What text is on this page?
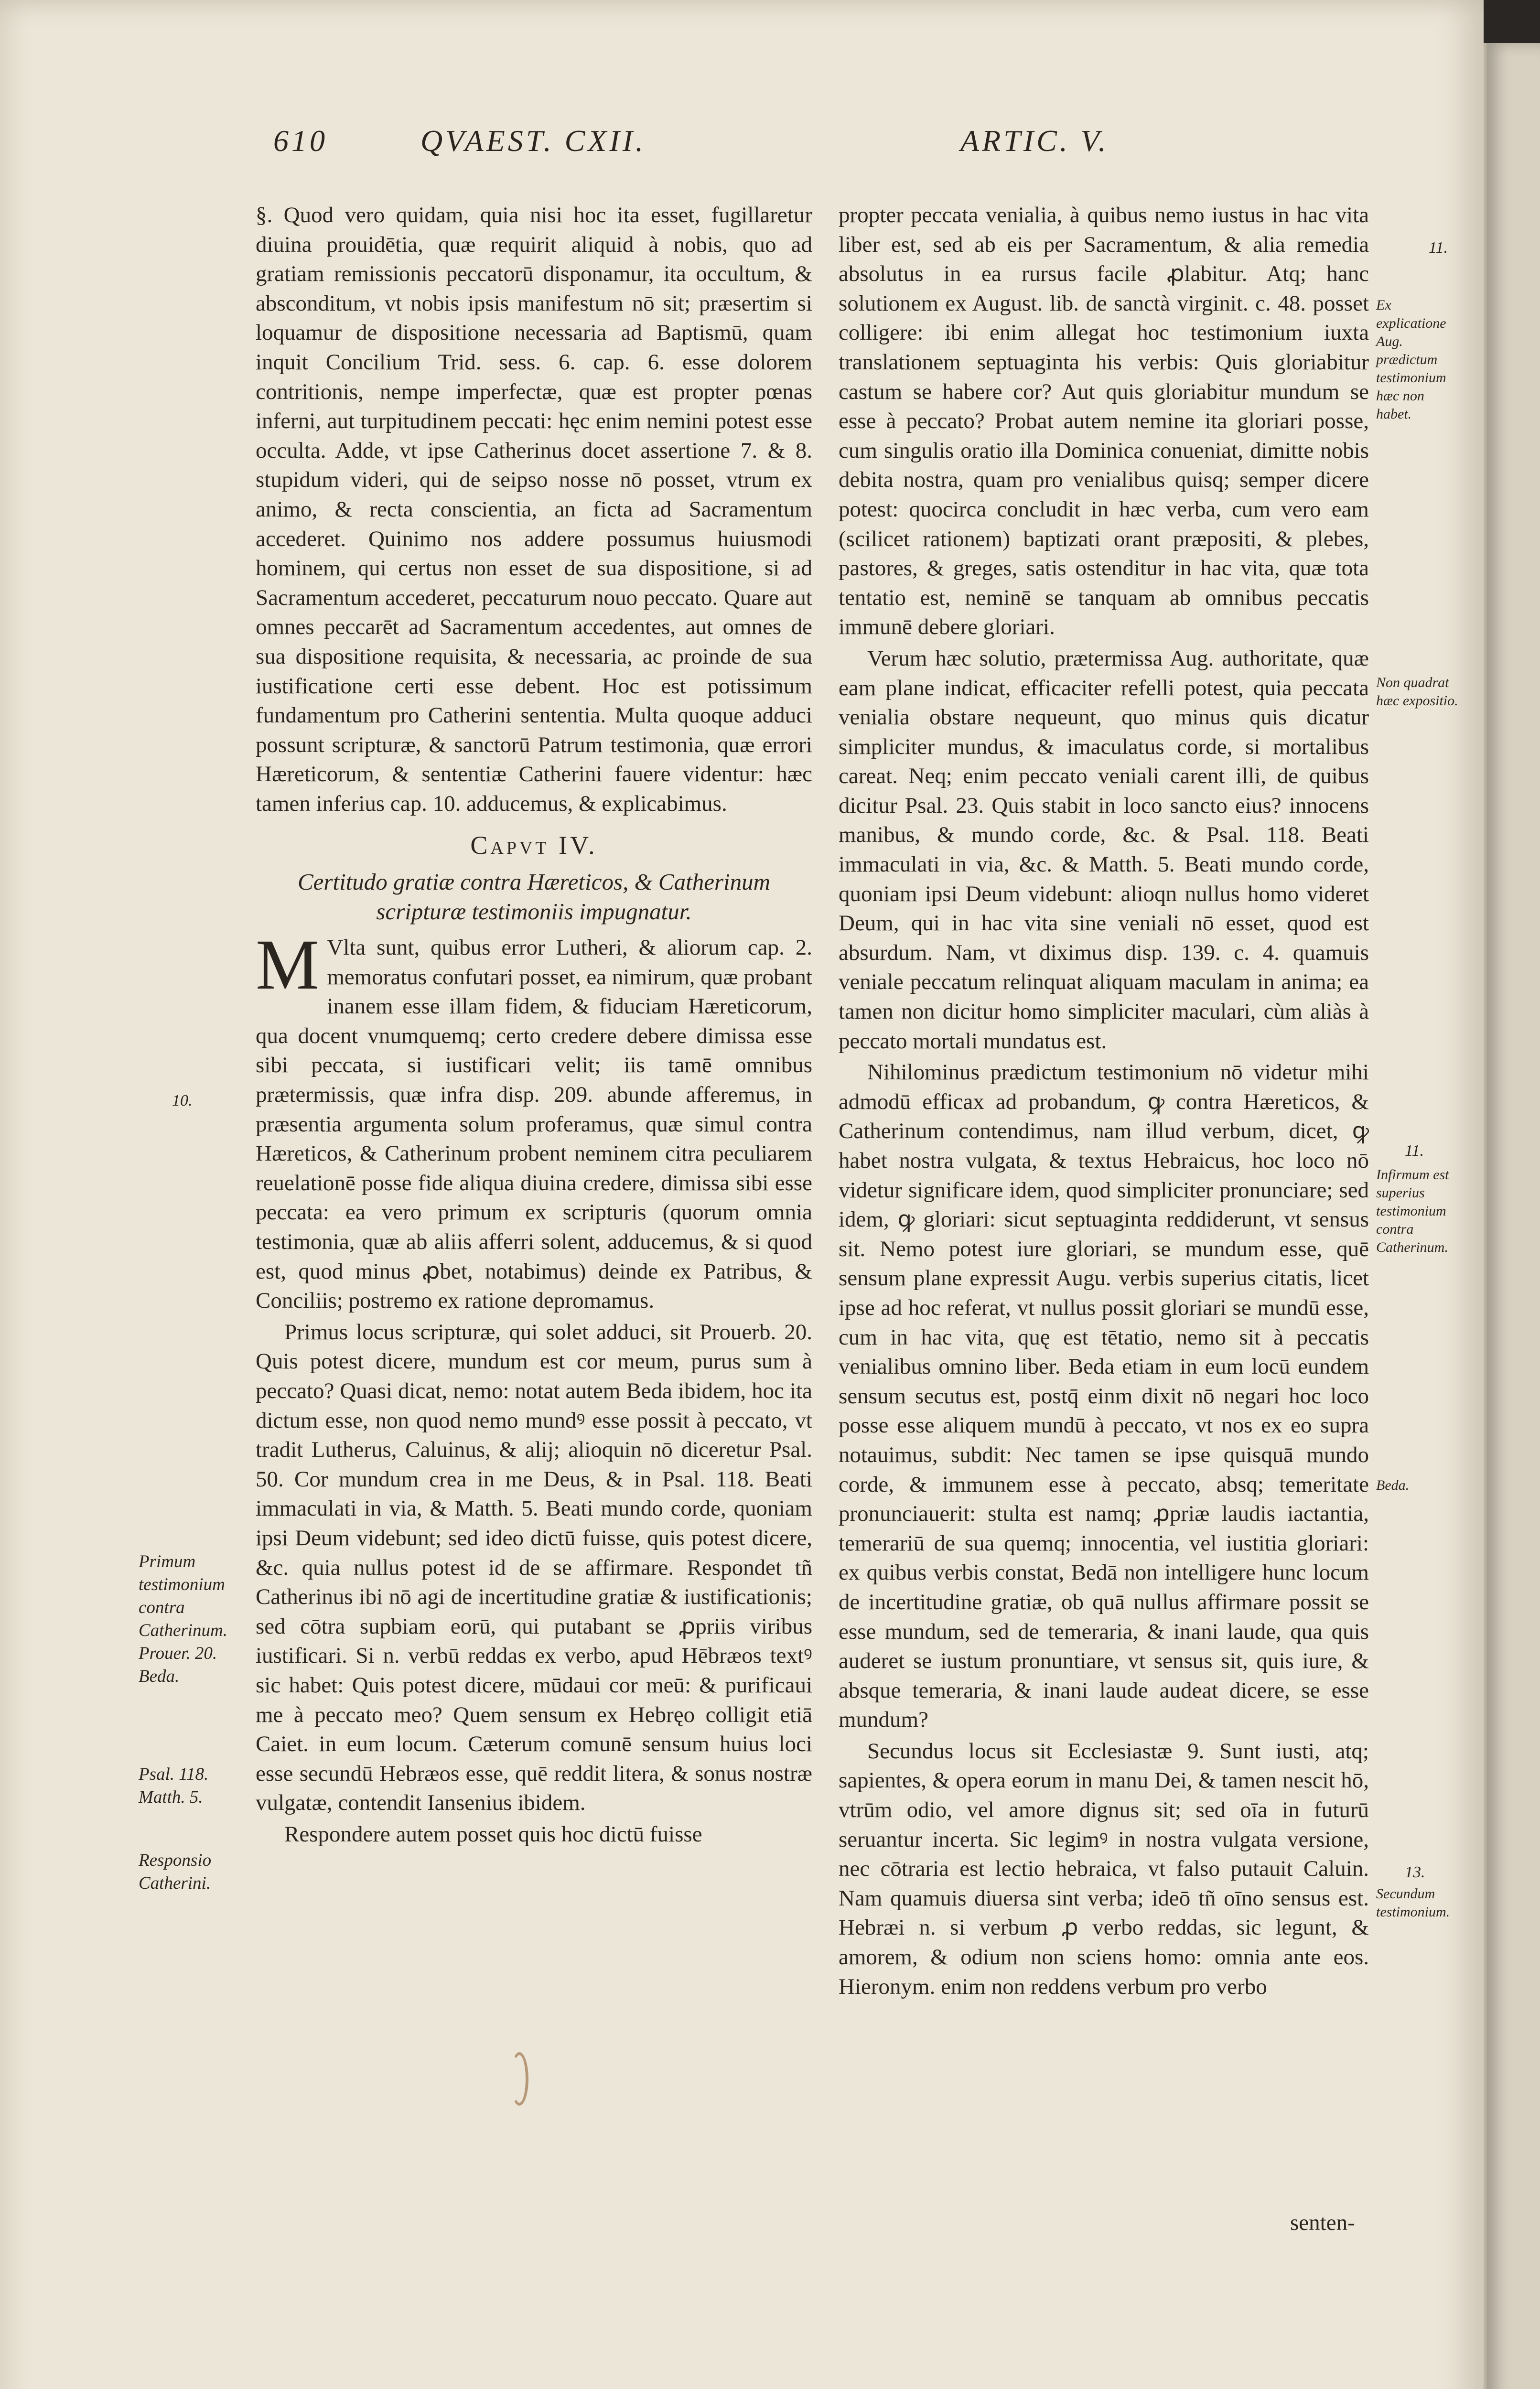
610	QVAEST. CXII.	ARTIC. V.
10.
Primum testimonium contra Catherinum. Prouer. 20. Beda.
Psal. 118. Matth. 5.
Responsio Catherini.
11.
Ex explicatione Aug. prædictum testimonium hæc non habet.
Non quadrat hæc expositio.
11.
Infirmum est superius testimonium contra Catherinum.
Beda.
13.
Secundum testimonium.

§. Quod vero quidam, quia nisi hoc ita esset, fugillaretur diuina prouidētia, quæ requirit aliquid à nobis, quo ad gratiam remissionis peccatorū disponamur, ita occultum, & absconditum, vt nobis ipsis manifestum nō sit; præsertim si loquamur de dispositione necessaria ad Baptismū, quam inquit Concilium Trid. sess. 6. cap. 6. esse dolorem contritionis, nempe imperfectæ, quæ est propter pœnas inferni, aut turpitudinem peccati: hęc enim nemini potest esse occulta. Adde, vt ipse Catherinus docet assertione 7. & 8. stupidum videri, qui de seipso nosse nō posset, vtrum ex animo, & recta conscientia, an ficta ad Sacramentum accederet. Quinimo nos addere possumus huiusmodi hominem, qui certus non esset de sua dispositione, si ad Sacramentum accederet, peccaturum nouo peccato. Quare aut omnes peccarēt ad Sacramentum accedentes, aut omnes de sua dispositione requisita, & necessaria, ac proinde de sua iustificatione certi esse debent. Hoc est potissimum fundamentum pro Catherini sententia. Multa quoque adduci possunt scripturæ, & sanctorū Patrum testimonia, quæ errori Hæreticorum, & sententiæ Catherini fauere videntur: hæc tamen inferius cap. 10. adducemus, & explicabimus.

Capvt IV.
Certitudo gratiæ contra Hæreticos, & Catherinum scripturæ testimoniis impugnatur.

M Vlta sunt, quibus error Lutheri, & aliorum cap. 2. memoratus confutari posset, ea nimirum, quæ probant inanem esse illam fidem, & fiduciam Hæreticorum, qua docent vnumquemq; certo credere debere dimissa esse sibi peccata, si iustificari velit; iis tamē omnibus prætermissis, quæ infra disp. 209. abunde afferemus, in præsentia argumenta solum proferamus, quæ simul contra Hæreticos, & Catherinum probent neminem citra peculiarem reuelationē posse fide aliqua diuina credere, dimissa sibi esse peccata: ea vero primum ex scripturis (quorum omnia testimonia, quæ ab aliis afferri solent, adducemus, & si quod est, quod minus ꝓbet, notabimus) deinde ex Patribus, & Conciliis; postremo ex ratione depromamus.

Primus locus scripturæ, qui solet adduci, sit Prouerb. 20. Quis potest dicere, mundum est cor meum, purus sum à peccato? Quasi dicat, nemo: notat autem Beda ibidem, hoc ita dictum esse, non quod nemo mundꝰ esse possit à peccato, vt tradit Lutherus, Caluinus, & alij; alioquin nō diceretur Psal. 50. Cor mundum crea in me Deus, & in Psal. 118. Beati immaculati in via, & Matth. 5. Beati mundo corde, quoniam ipsi Deum videbunt; sed ideo dictū fuisse, quis potest dicere, &c. quia nullus potest id de se affirmare. Respondet tñ Catherinus ibi nō agi de incertitudine gratiæ & iustificationis; sed cōtra supbiam eorū, qui putabant se ꝓpriis viribus iustificari. Si n. verbū reddas ex verbo, apud Hēbræos textꝰ sic habet: Quis potest dicere, mūdaui cor meū: & purificaui me à peccato meo? Quem sensum ex Hebręo colligit etiā Caiet. in eum locum. Cæterum comunē sensum huius loci esse secundū Hebræos esse, quē reddit litera, & sonus nostræ vulgatæ, contendit Iansenius ibidem.

Respondere autem posset quis hoc dictū fuisse

propter peccata venialia, à quibus nemo iustus in hac vita liber est, sed ab eis per Sacramentum, & alia remedia absolutus in ea rursus facile ꝓlabitur. Atq; hanc solutionem ex August. lib. de sanctà virginit. c. 48. posset colligere: ibi enim allegat hoc testimonium iuxta translationem septuaginta his verbis: Quis gloriabitur castum se habere cor? Aut quis gloriabitur mundum se esse à peccato? Probat autem nemine ita gloriari posse, cum singulis oratio illa Dominica conueniat, dimitte nobis debita nostra, quam pro venialibus quisq; semper dicere potest: quocirca concludit in hæc verba, cum vero eam (scilicet rationem) baptizati orant præpositi, & plebes, pastores, & greges, satis ostenditur in hac vita, quæ tota tentatio est, neminē se tanquam ab omnibus peccatis immunē debere gloriari.

Verum hæc solutio, prætermissa Aug. authoritate, quæ eam plane indicat, efficaciter refelli potest, quia peccata venialia obstare nequeunt, quo minus quis dicatur simpliciter mundus, & imaculatus corde, si mortalibus careat. Neq; enim peccato veniali carent illi, de quibus dicitur Psal. 23. Quis stabit in loco sancto eius? innocens manibus, & mundo corde, &c. & Psal. 118. Beati immaculati in via, &c. & Matth. 5. Beati mundo corde, quoniam ipsi Deum videbunt: alioqn nullus homo videret Deum, qui in hac vita sine veniali nō esset, quod est absurdum. Nam, vt diximus disp. 139. c. 4. quamuis veniale peccatum relinquat aliquam maculam in anima; ea tamen non dicitur homo simpliciter maculari, cùm aliàs à peccato mortali mundatus est.

Nihilominus prædictum testimonium nō videtur mihi admodū efficax ad probandum, ꝙ contra Hæreticos, & Catherinum contendimus, nam illud verbum, dicet, ꝙ habet nostra vulgata, & textus Hebraicus, hoc loco nō videtur significare idem, quod simpliciter pronunciare; sed idem, ꝙ gloriari: sicut septuaginta reddiderunt, vt sensus sit. Nemo potest iure gloriari, se mundum esse, quē sensum plane expressit Augu. verbis superius citatis, licet ipse ad hoc referat, vt nullus possit gloriari se mundū esse, cum in hac vita, quę est tētatio, nemo sit à peccatis venialibus omnino liber. Beda etiam in eum locū eundem sensum secutus est, postq̄ einm dixit nō negari hoc loco posse esse aliquem mundū à peccato, vt nos ex eo supra notauimus, subdit: Nec tamen se ipse quisquā mundo corde, & immunem esse à peccato, absq; temeritate pronunciauerit: stulta est namq; ꝓpriæ laudis iactantia, temerariū de sua quemq; innocentia, vel iustitia gloriari: ex quibus verbis constat, Bedā non intelligere hunc locum de incertitudine gratiæ, ob quā nullus affirmare possit se esse mundum, sed de temeraria, & inani laude, qua quis auderet se iustum pronuntiare, vt sensus sit, quis iure, & absque temeraria, & inani laude audeat dicere, se esse mundum?

Secundus locus sit Ecclesiastæ 9. Sunt iusti, atq; sapientes, & opera eorum in manu Dei, & tamen nescit hō, vtrūm odio, vel amore dignus sit; sed oīa in futurū seruantur incerta. Sic legimꝰ in nostra vulgata versione, nec cōtraria est lectio hebraica, vt falso putauit Caluin. Nam quamuis diuersa sint verba; ideō tñ oīno sensus est. Hebræi n. si verbum ꝓ verbo reddas, sic legunt, & amorem, & odium non sciens homo: omnia ante eos. Hieronym. enim non reddens verbum pro verbo

senten-
